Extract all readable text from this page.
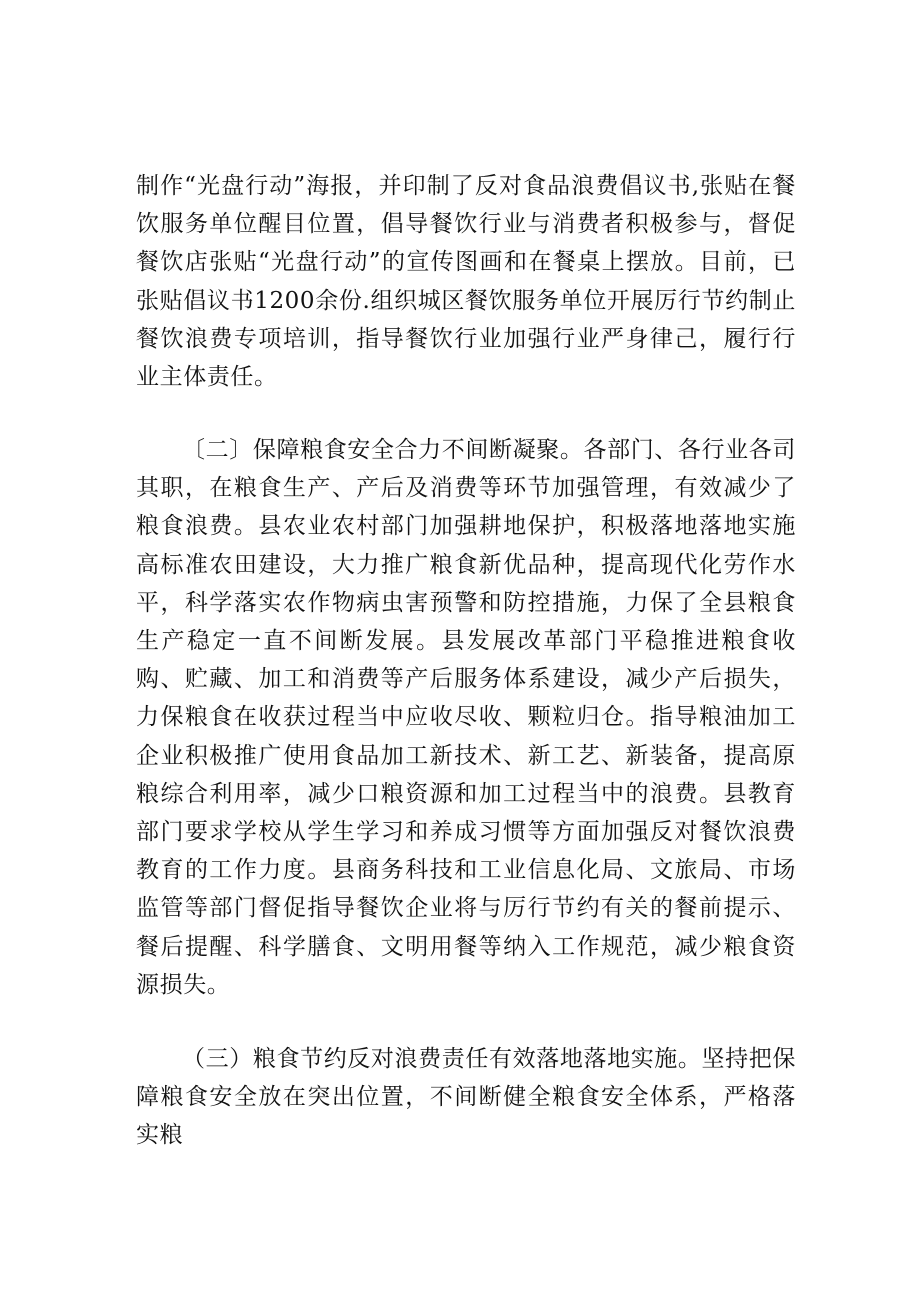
制作“光盘行动”海报，并印制了反对食品浪费倡议书,张贴在餐饮服务单位醒目位置，倡导餐饮行业与消费者积极参与，督促餐饮店张贴“光盘行动”的宣传图画和在餐桌上摆放。目前，已张贴倡议书1200余份.组织城区餐饮服务单位开展厉行节约制止餐饮浪费专项培训，指导餐饮行业加强行业严身律己，履行行业主体责任。

〔二〕保障粮食安全合力不间断凝聚。各部门、各行业各司其职，在粮食生产、产后及消费等环节加强管理，有效减少了粮食浪费。县农业农村部门加强耕地保护，积极落地落地实施高标准农田建设，大力推广粮食新优品种，提高现代化劳作水平，科学落实农作物病虫害预警和防控措施，力保了全县粮食生产稳定一直不间断发展。县发展改革部门平稳推进粮食收购、贮藏、加工和消费等产后服务体系建设，减少产后损失，力保粮食在收获过程当中应收尽收、颗粒归仓。指导粮油加工企业积极推广使用食品加工新技术、新工艺、新装备，提高原粮综合利用率，减少口粮资源和加工过程当中的浪费。县教育部门要求学校从学生学习和养成习惯等方面加强反对餐饮浪费教育的工作力度。县商务科技和工业信息化局、文旅局、市场监管等部门督促指导餐饮企业将与厉行节约有关的餐前提示、餐后提醒、科学膳食、文明用餐等纳入工作规范，减少粮食资源损失。

（三）粮食节约反对浪费责任有效落地落地实施。坚持把保障粮食安全放在突出位置，不间断健全粮食安全体系，严格落实粮
